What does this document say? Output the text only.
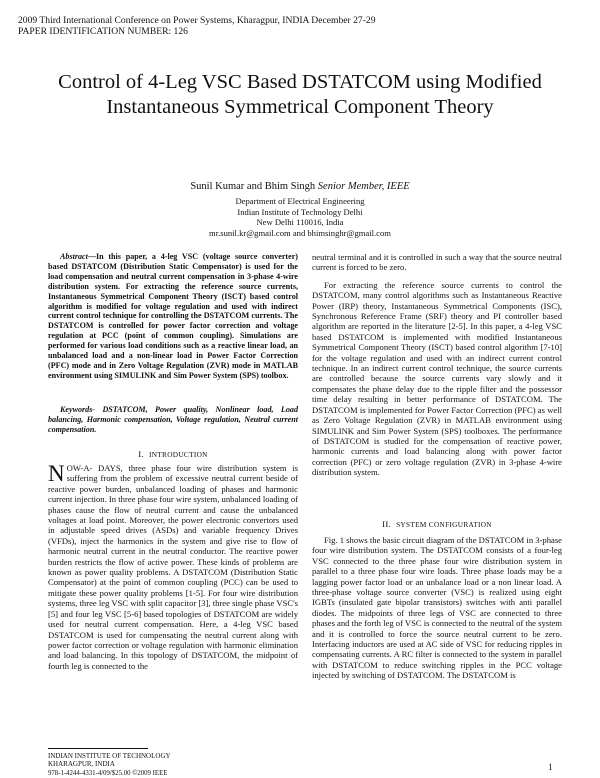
2009 Third International Conference on Power Systems, Kharagpur, INDIA December 27-29
PAPER IDENTIFICATION NUMBER: 126
Control of 4-Leg VSC Based DSTATCOM using Modified Instantaneous Symmetrical Component Theory
Sunil Kumar and Bhim Singh Senior Member, IEEE
Department of Electrical Engineering
Indian Institute of Technology Delhi
New Delhi 110016, India
mr.sunil.kr@gmail.com and bhimsinghr@gmail.com

Abstract—In this paper, a 4-leg VSC (voltage source converter) based DSTATCOM (Distribution Static Compensator) is used for the load compensation and neutral current compensation in 3-phase 4-wire distribution system. For extracting the reference source currents, Instantaneous Symmetrical Component Theory (ISCT) based control algorithm is modified for voltage regulation and used with indirect current control technique for controlling the DSTATCOM currents. The DSTATCOM is controlled for power factor correction and voltage regulation at PCC (point of common coupling). Simulations are performed for various load conditions such as a reactive linear load, an unbalanced load and a non-linear load in Power Factor Correction (PFC) mode and in Zero Voltage Regulation (ZVR) mode in MATLAB environment using SIMULINK and Sim Power System (SPS) toolbox.

Keywords- DSTATCOM, Power quality, Nonlinear load, Load balancing, Harmonic compensation, Voltage regulation, Neutral current compensation.

I. INTRODUCTION

NOW-A- DAYS, three phase four wire distribution system is suffering from the problem of excessive neutral current beside of reactive power burden, unbalanced loading of phases and harmonic current injection. In three phase four wire system, unbalanced loading of phases cause the flow of neutral current and cause the unbalanced voltages at load point. Moreover, the power electronic convertors used in adjustable speed drives (ASDs) and variable frequency Drives (VFDs), inject the harmonics in the system and give rise to flow of harmonic neutral current in the neutral conductor. The reactive power burden restricts the flow of active power. These kinds of problems are known as power quality problems. A DSTATCOM (Distribution Static Compensator) at the point of common coupling (PCC) can be used to mitigate these power quality problems [1-5]. For four wire distribution systems, three leg VSC with split capacitor [3], three single phase VSC's [5] and four leg VSC [5-6] based topologies of DSTATCOM are widely used for neutral current compensation. Here, a 4-leg VSC based DSTATCOM is used for compensating the neutral current along with power factor correction or voltage regulation with harmonic elimination and load balancing. In this topology of DSTATCOM, the midpoint of fourth leg is connected to the

neutral terminal and it is controlled in such a way that the source neutral current is forced to be zero.

For extracting the reference source currents to control the DSTATCOM, many control algorithms such as Instantaneous Reactive Power (IRP) theory, Instantaneous Symmetrical Components (ISC), Synchronous Reference Frame (SRF) theory and PI controller based algorithm are reported in the literature [2-5]. In this paper, a 4-leg VSC based DSTATCOM is implemented with modified Instantaneous Symmetrical Component Theory (ISCT) based control algorithm [7-10] for the voltage regulation and used with an indirect current control technique. In an indirect current control technique, the source currents are controlled because the source currents vary slowly and it compensates the phase delay due to the ripple filter and the possessor time delay resulting in better performance of DSTATCOM. The DSTATCOM is implemented for Power Factor Correction (PFC) as well as Zero Voltage Regulation (ZVR) in MATLAB environment using SIMULINK and Sim Power System (SPS) toolboxes. The performance of DSTATCOM is studied for the compensation of reactive power, harmonic currents and load balancing along with power factor correction (PFC) or zero voltage regulation (ZVR) in 3-phase 4-wire distribution system.

II. SYSTEM CONFIGURATION

Fig. 1 shows the basic circuit diagram of the DSTATCOM in 3-phase four wire distribution system. The DSTATCOM consists of a four-leg VSC connected to the three phase four wire distribution system in parallel to a three phase four wire loads. Three phase loads may be a lagging power factor load or an unbalance load or a non linear load. A three-phase voltage source converter (VSC) is realized using eight IGBTs (insulated gate bipolar transistors) switches with anti parallel diodes. The midpoints of three legs of VSC are connected to three phases and the forth leg of VSC is connected to the neutral of the system and it is controlled to force the source neutral current to be zero. Interfacing inductors are used at AC side of VSC for reducing ripples in compensating currents. A RC filter is connected to the system in parallel with DSTATCOM to reduce switching ripples in the PCC voltage injected by switching of DSTATCOM. The DSTATCOM is

INDIAN INSTITUTE OF TECHNOLOGY
KHARAGPUR, INDIA
978-1-4244-4331-4/09/$25.00 ©2009 IEEE
1
